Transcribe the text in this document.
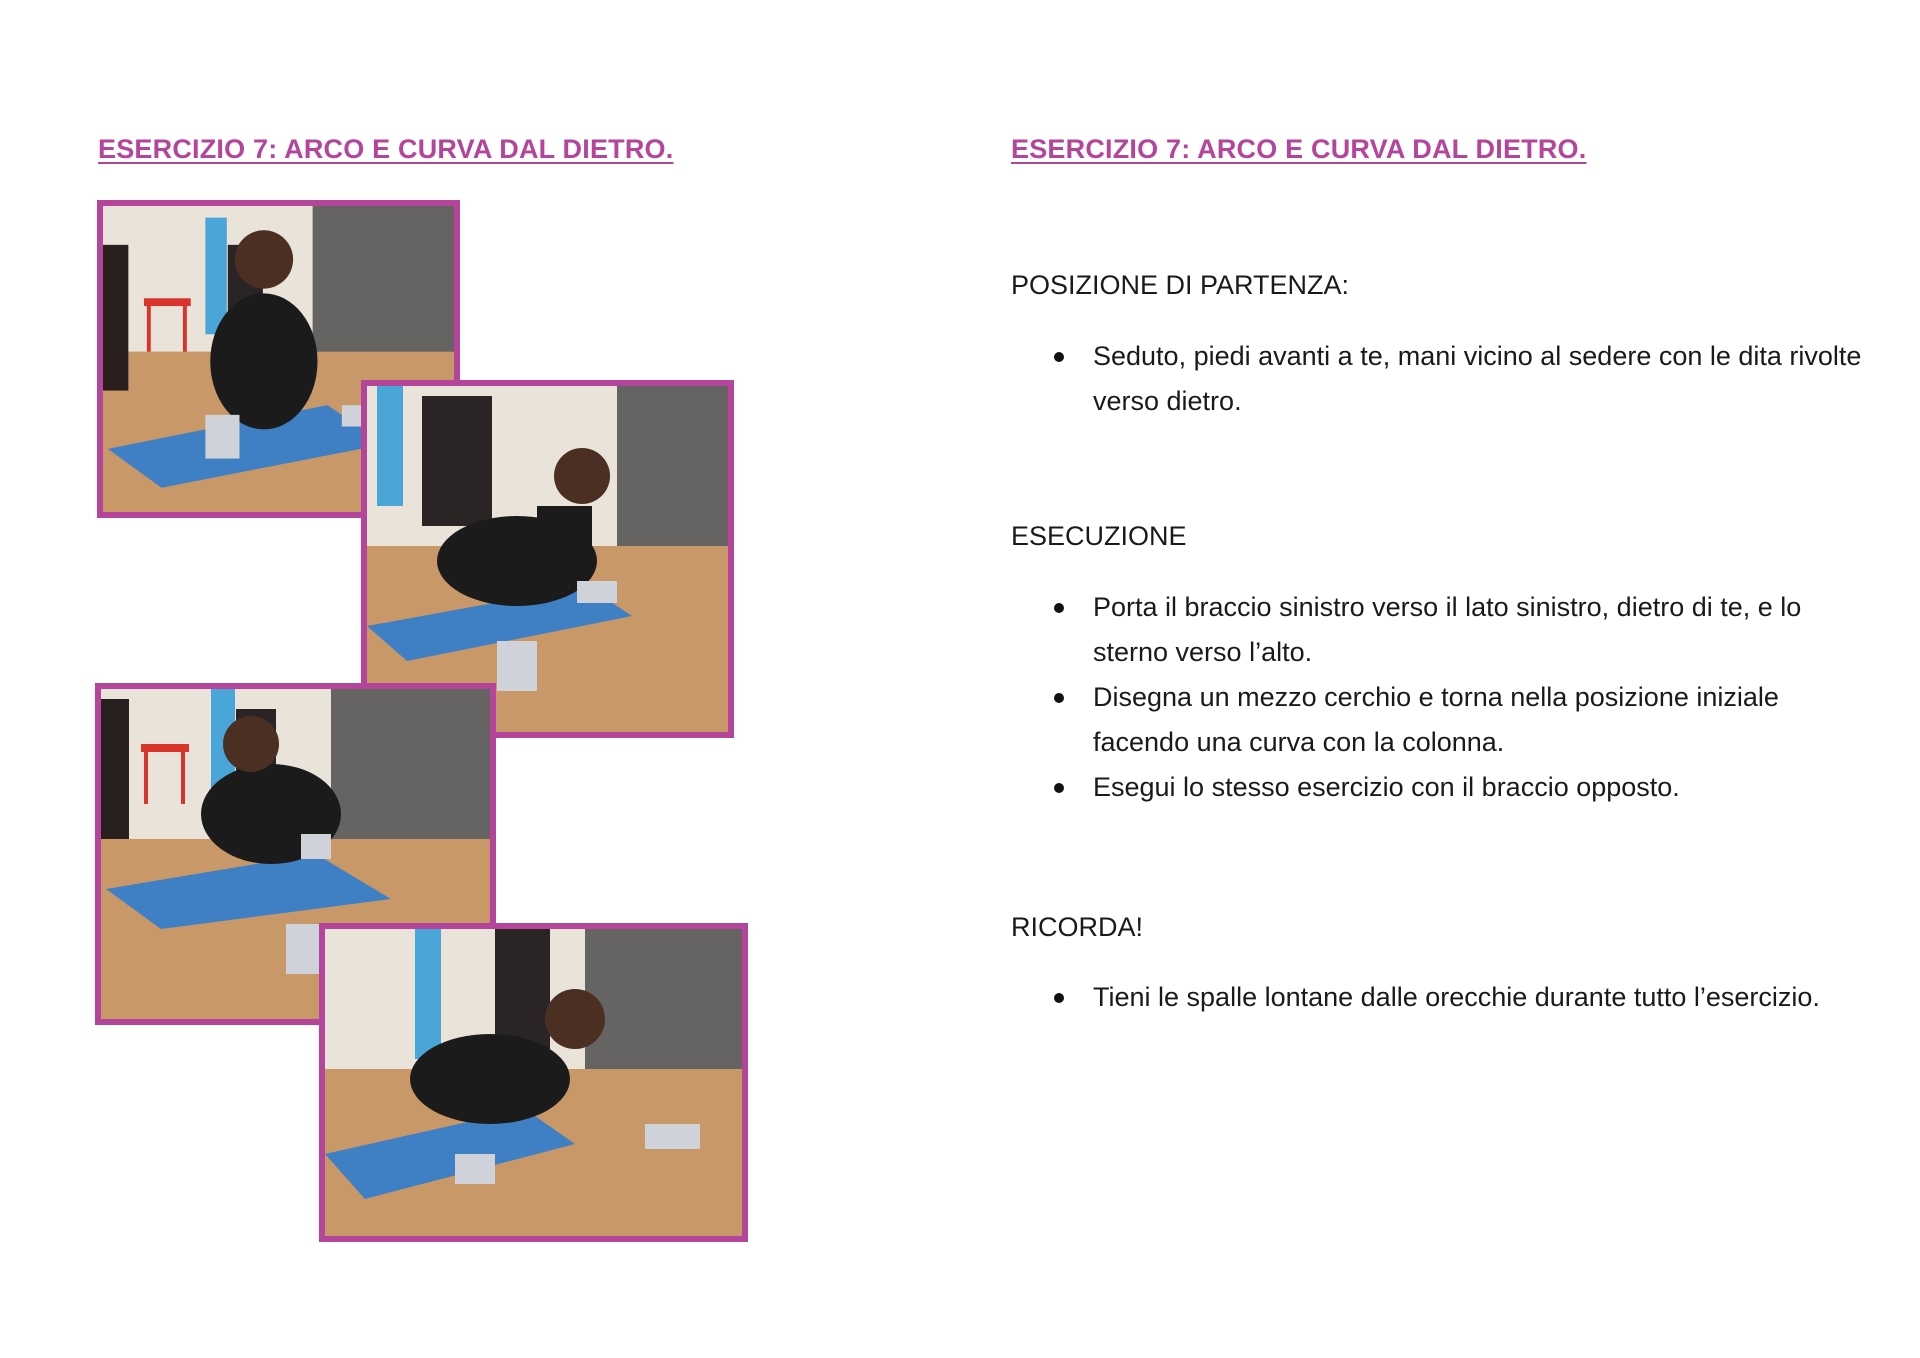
ESERCIZIO 7: ARCO E CURVA DAL DIETRO.	ESERCIZIO 7: ARCO E CURVA DAL DIETRO.

POSIZIONE DI PARTENZA:

Seduto, piedi avanti a te, mani vicino al sedere con le dita rivolte verso dietro.

ESECUZIONE

Porta il braccio sinistro verso il lato sinistro, dietro di te, e lo sterno verso l’alto.
Disegna un mezzo cerchio e torna nella posizione iniziale facendo una curva con la colonna.
Esegui lo stesso esercizio con il braccio opposto.

RICORDA!

Tieni le spalle lontane dalle orecchie durante tutto l’esercizio.
